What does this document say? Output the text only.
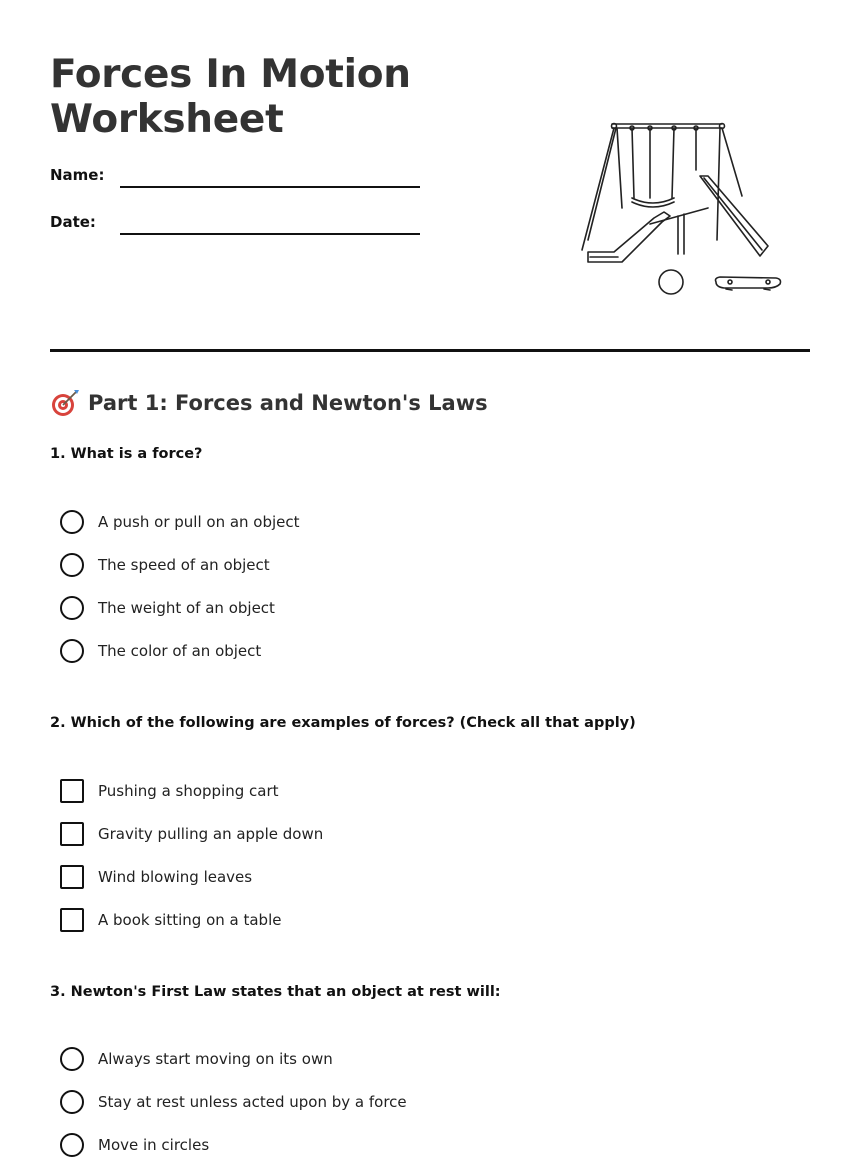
Forces In Motion
Worksheet
Name:
Date:
Part 1: Forces and Newton's Laws

1. What is a force?

A push or pull on an object
The speed of an object
The weight of an object
The color of an object

2. Which of the following are examples of forces? (Check all that apply)

Pushing a shopping cart
Gravity pulling an apple down
Wind blowing leaves
A book sitting on a table

3. Newton's First Law states that an object at rest will:

Always start moving on its own
Stay at rest unless acted upon by a force
Move in circles
